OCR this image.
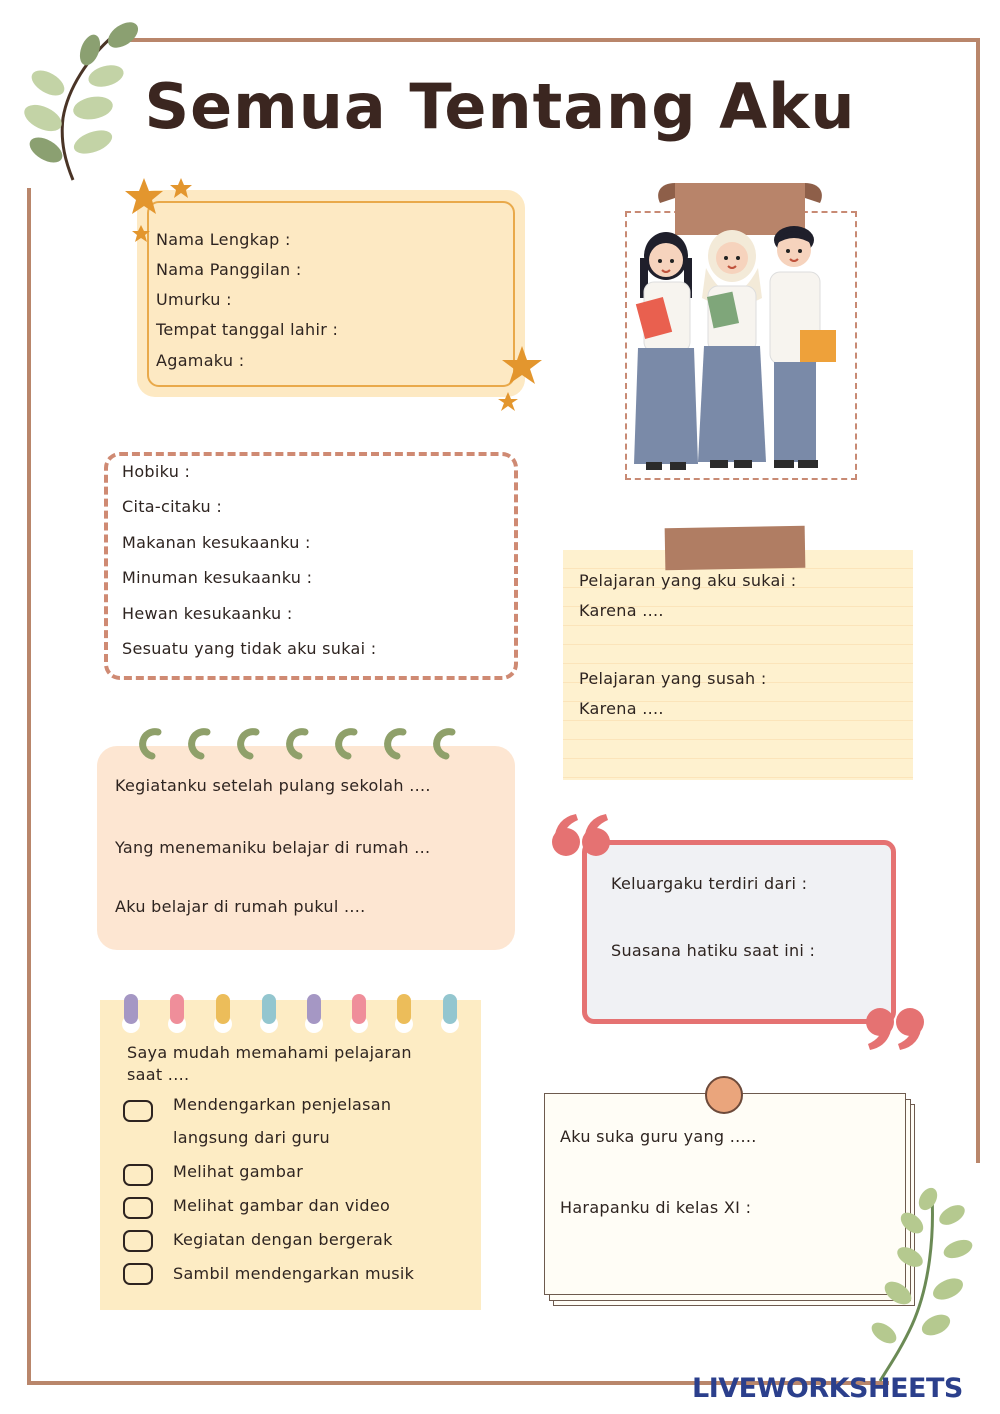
Semua Tentang Aku
Nama Lengkap :
Nama Panggilan :
Umurku :
Tempat tanggal lahir :
Agamaku :
Hobiku :
Cita-citaku :
Makanan kesukaanku :
Minuman kesukaanku :
Hewan kesukaanku :
Sesuatu yang tidak aku sukai :
Pelajaran yang aku sukai :
Karena ....
Pelajaran yang susah :
Karena ....
Kegiatanku setelah pulang sekolah ....
Yang menemaniku belajar di rumah ...
Aku belajar di rumah pukul ....
Keluargaku terdiri dari :
Suasana hatiku saat ini :
Saya mudah memahami pelajaran
saat ....
Mendengarkan penjelasan
langsung dari guru
Melihat gambar
Melihat gambar dan video
Kegiatan dengan bergerak
Sambil mendengarkan musik
Aku suka guru yang .....
Harapanku di kelas XI :
LIVEWORKSHEETS
